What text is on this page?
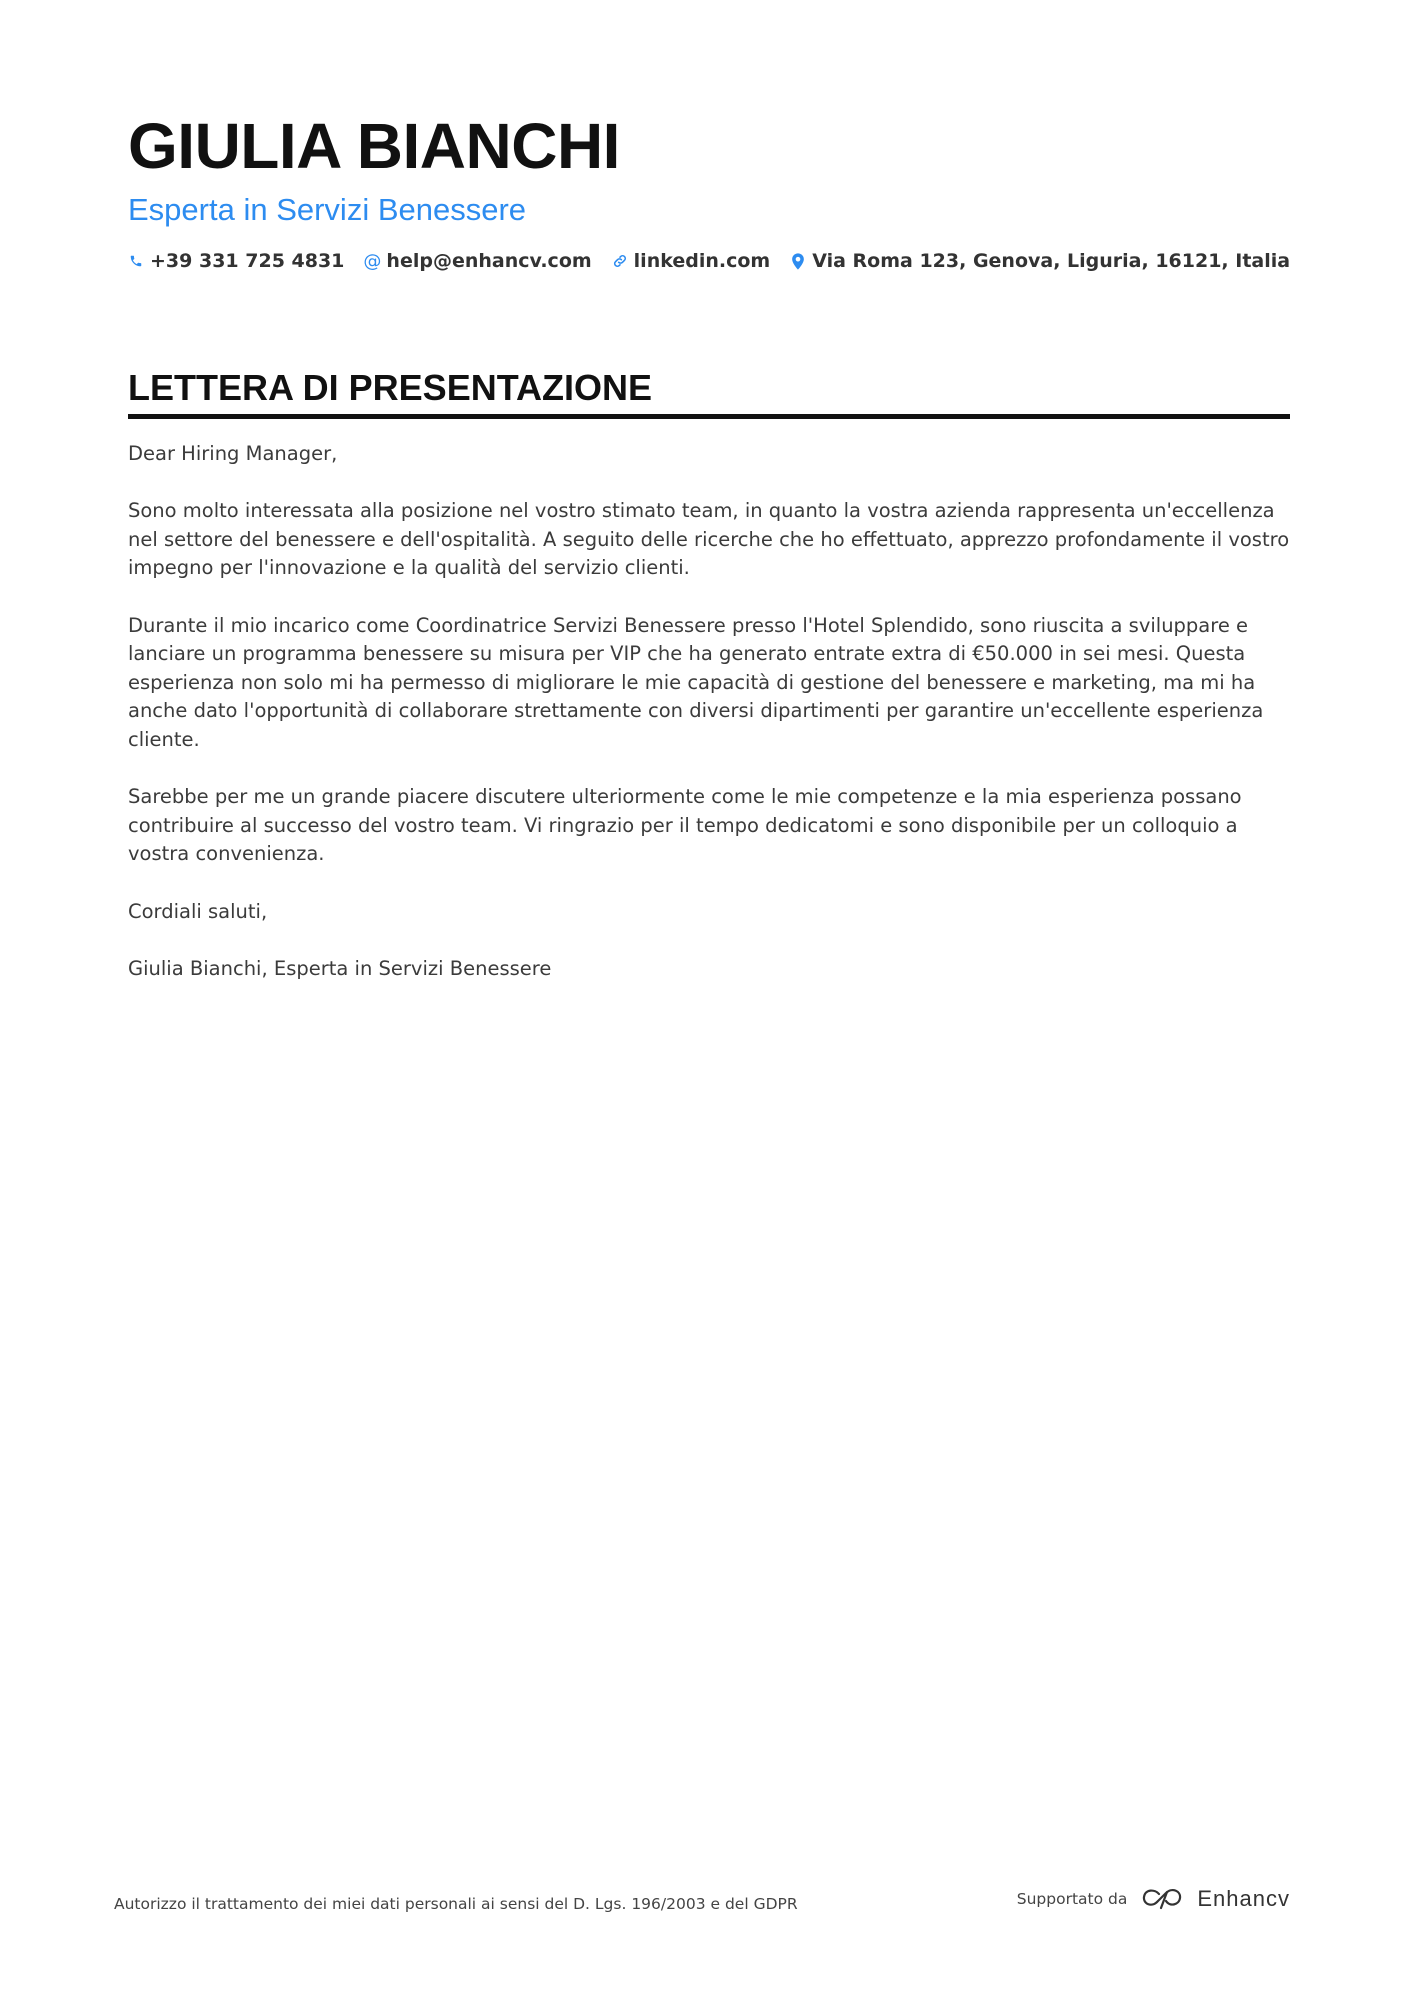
GIULIA BIANCHI
Esperta in Servizi Benessere
+39 331 725 4831 @ help@enhancv.com linkedin.com Via Roma 123, Genova, Liguria, 16121, Italia
LETTERA DI PRESENTAZIONE

Dear Hiring Manager,

Sono molto interessata alla posizione nel vostro stimato team, in quanto la vostra azienda rappresenta un'eccellenza nel settore del benessere e dell'ospitalità. A seguito delle ricerche che ho effettuato, apprezzo profondamente il vostro impegno per l'innovazione e la qualità del servizio clienti.

Durante il mio incarico come Coordinatrice Servizi Benessere presso l'Hotel Splendido, sono riuscita a sviluppare e lanciare un programma benessere su misura per VIP che ha generato entrate extra di €50.000 in sei mesi. Questa esperienza non solo mi ha permesso di migliorare le mie capacità di gestione del benessere e marketing, ma mi ha anche dato l'opportunità di collaborare strettamente con diversi dipartimenti per garantire un'eccellente esperienza cliente.

Sarebbe per me un grande piacere discutere ulteriormente come le mie competenze e la mia esperienza possano contribuire al successo del vostro team. Vi ringrazio per il tempo dedicatomi e sono disponibile per un colloquio a vostra convenienza.

Cordiali saluti,

Giulia Bianchi, Esperta in Servizi Benessere

Autorizzo il trattamento dei miei dati personali ai sensi del D. Lgs. 196/2003 e del GDPR	Supportato da	Enhancv
